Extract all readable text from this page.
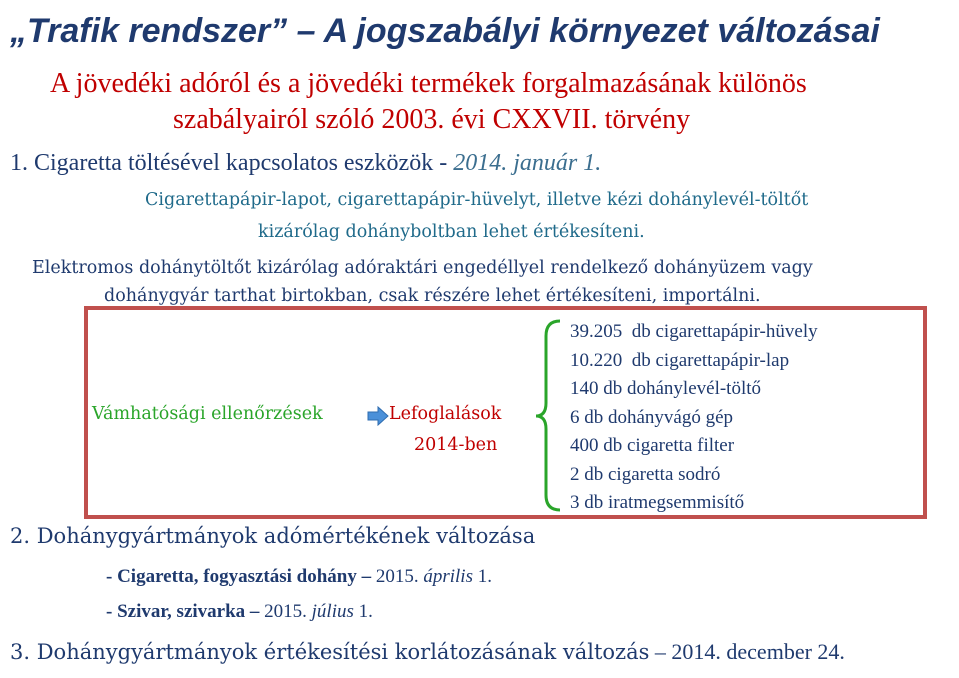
„Trafik rendszer” – A jogszabályi környezet változásai
A jövedéki adóról és a jövedéki termékek forgalmazásának különös
szabályairól szóló 2003. évi CXXVII. törvény
1. Cigaretta töltésével kapcsolatos eszközök - 2014. január 1.
Cigarettapápir-lapot, cigarettapápir-hüvelyt, illetve kézi dohánylevél-töltőt
kizárólag dohányboltban lehet értékesíteni.
Elektromos dohánytöltőt kizárólag adóraktári engedéllyel rendelkező dohányüzem vagy
dohánygyár tarthat birtokban, csak részére lehet értékesíteni, importálni.
Vámhatósági ellenőrzések	Lefoglalások
2014-ben
39.205  db cigarettapápir-hüvely
10.220  db cigarettapápir-lap
140 db dohánylevél-töltő
6 db dohányvágó gép
400 db cigaretta filter
2 db cigaretta sodró
3 db iratmegsemmisítő
2. Dohánygyártmányok adómértékének változása
- Cigaretta, fogyasztási dohány – 2015. április 1.
- Szivar, szivarka – 2015. július 1.
3. Dohánygyártmányok értékesítési korlátozásának változás – 2014. december 24.
